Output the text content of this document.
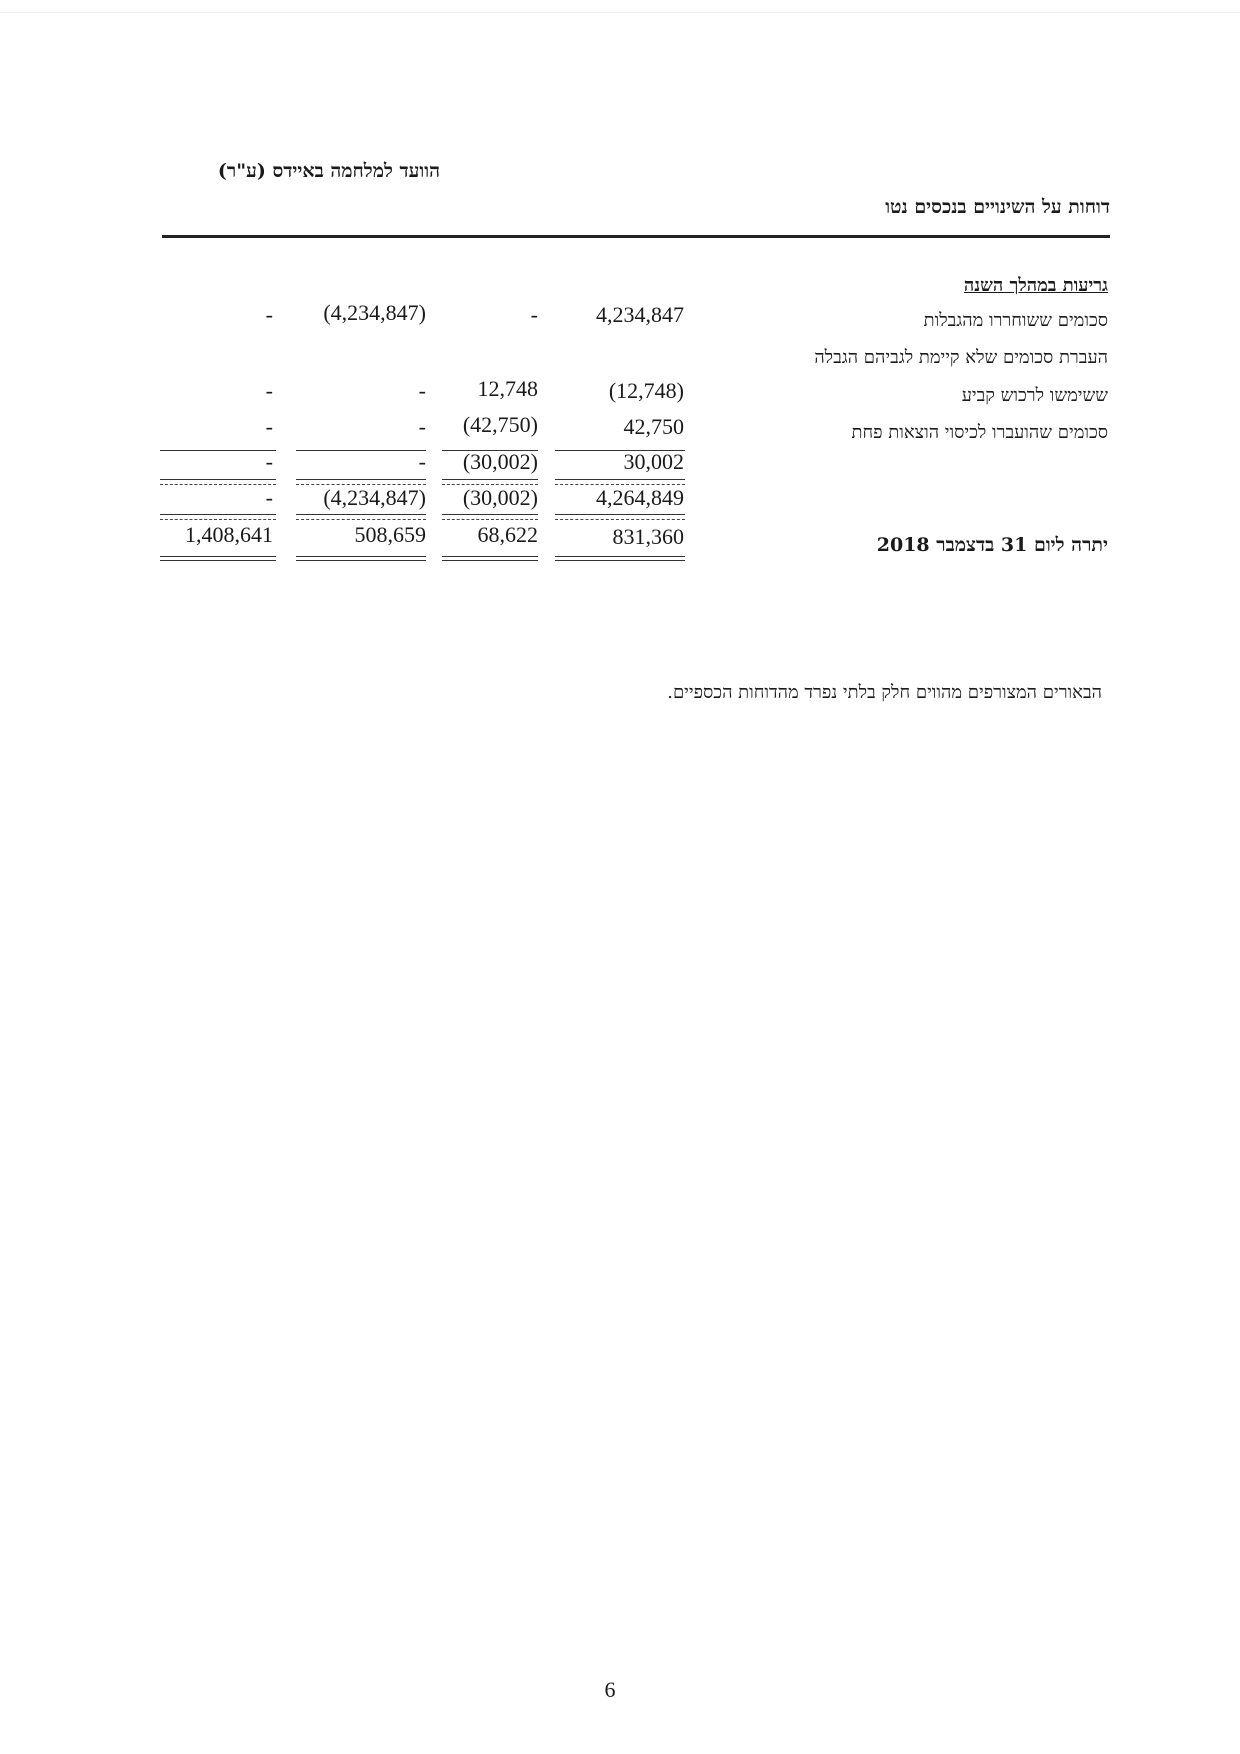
הוועד למלחמה באיידס (ע"ר)
דוחות על השינויים בנכסים נטו
גריעות במהלך השנה
סכומים ששוחררו מהגבלות
4,234,847
-
(4,234,847)
-
העברת סכומים שלא קיימת לגביהם הגבלה
ששימשו לרכוש קביע
(12,748)
12,748
-
-
סכומים שהועברו לכיסוי הוצאות פחת
42,750
(42,750)
-
-
30,002
(30,002)
-
-
4,264,849
(30,002)
(4,234,847)
-
יתרה ליום 31 בדצמבר 2018
831,360
68,622
508,659
1,408,641
הבאורים המצורפים מהווים חלק בלתי נפרד מהדוחות הכספיים.
6
